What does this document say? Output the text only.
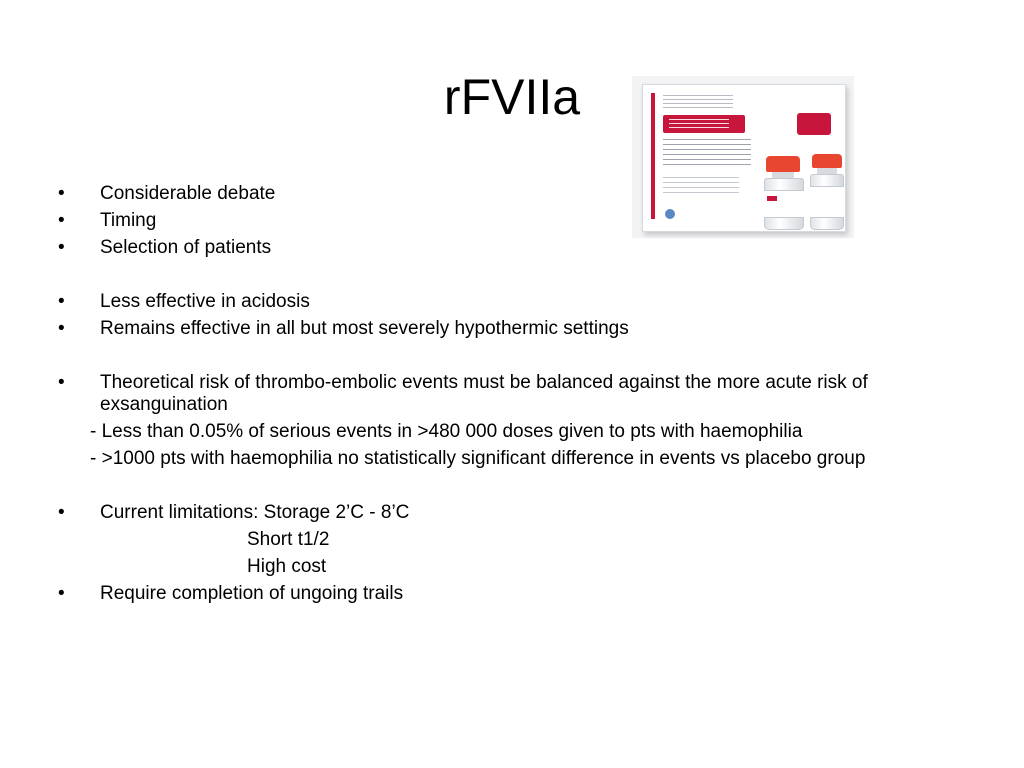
rFVIIa
• Considerable debate
• Timing
• Selection of patients
• Less effective in acidosis
• Remains effective in all but most severely hypothermic settings
• Theoretical risk of thrombo-embolic events must be balanced against the more acute risk of exsanguination
- Less than 0.05% of serious events in >480 000 doses given to pts with haemophilia
- >1000 pts with haemophilia no statistically significant difference in events vs placebo group
• Current limitations: Storage 2’C - 8’C
Short t1/2
High cost
• Require completion of ungoing trails
